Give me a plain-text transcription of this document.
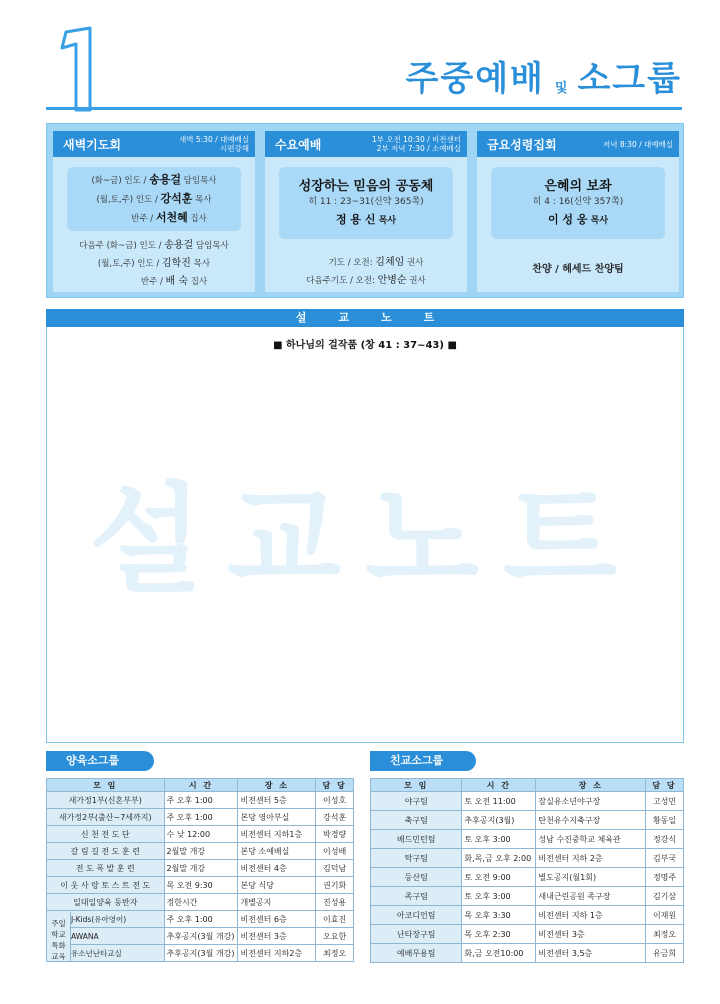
1
주중예배 및 소그룹
새벽기도회	새벽 5:30 / 대예배실
시편강해
(화~금) 인도 / 송용걸 담임목사
(월,토,주) 인도 / 강석훈 목사
반주 / 서천혜 집사
다음주 (화~금) 인도 / 송용걸 담임목사
(월,토,주) 인도 / 김학진 목사
반주 / 배 숙 집사
수요예배	1부 오전 10:30 / 비전센터
2부 저녁 7:30 / 소예배실
성장하는 믿음의 공동체
히 11 : 23~31(신약 365쪽)
정 용 신 목사
기도 / 오전: 김체임 권사
다음주기도 / 오전: 안병순 권사
금요성령집회	저녁 8:30 / 대예배실
은혜의 보좌
히 4 : 16(신약 357쪽)
이 성 웅 목사
찬양 / 헤세드 찬양팀
설교노트
■ 하나님의 걸작품 (창 41 : 37~43) ■
설교노트
양육소그룹
모 임	시 간	장 소	담 당
새가정1부(신혼부부)	주 오후 1:00	비전센터 5층	이성호
새가정2부(출산~7세까지)	주 오후 1:00	본당 영아부실	강석훈
신 천 전 도 단	수 낮 12:00	비전센터 지하1층	박경량
갈 림 길 전 도 훈 련	2월말 개강	본당 소예배실	이성배
전 도 폭 발 훈 련	2월말 개강	비전센터 4층	김덕남
이 웃 사 랑 토 스 트 전 도	목 오전 9:30	본당 식당	권기화
일대일양육 동반자	정한시간	개별공지	진성용
J-Kids(유아영어)	주 오후 1:00	비전센터 6층	이효진
AWANA	추후공지(3월 개강)	비전센터 3층	오요한
유소년난타교실	추후공지(3월 개강)	비전센터 지하2층	최정오
친교소그룹
모 임	시 간	장 소	담 당
야구팀	토 오전 11:00	잠실유소년야구장	고성민
축구팀	추후공지(3월)	탄천유수지축구장	황동일
배드민턴팀	토 오후 3:00	성남 수진중학교 체육관	정강식
탁구팀	화,목,금 오후 2:00	비전센터 지하 2층	김부국
등산팀	토 오전 9:00	별도공지(월1회)	정명주
족구팀	토 오후 3:00	새내근린공원 족구장	김기삼
아코디언팀	목 오후 3:30	비전센터 지하 1층	이재원
난타장구팀	목 오후 2:30	비전센터 3층	최정오
예배무용팀	화,금 오전10:00	비전센터 3,5층	유금희
주일 학교 특화 교육
